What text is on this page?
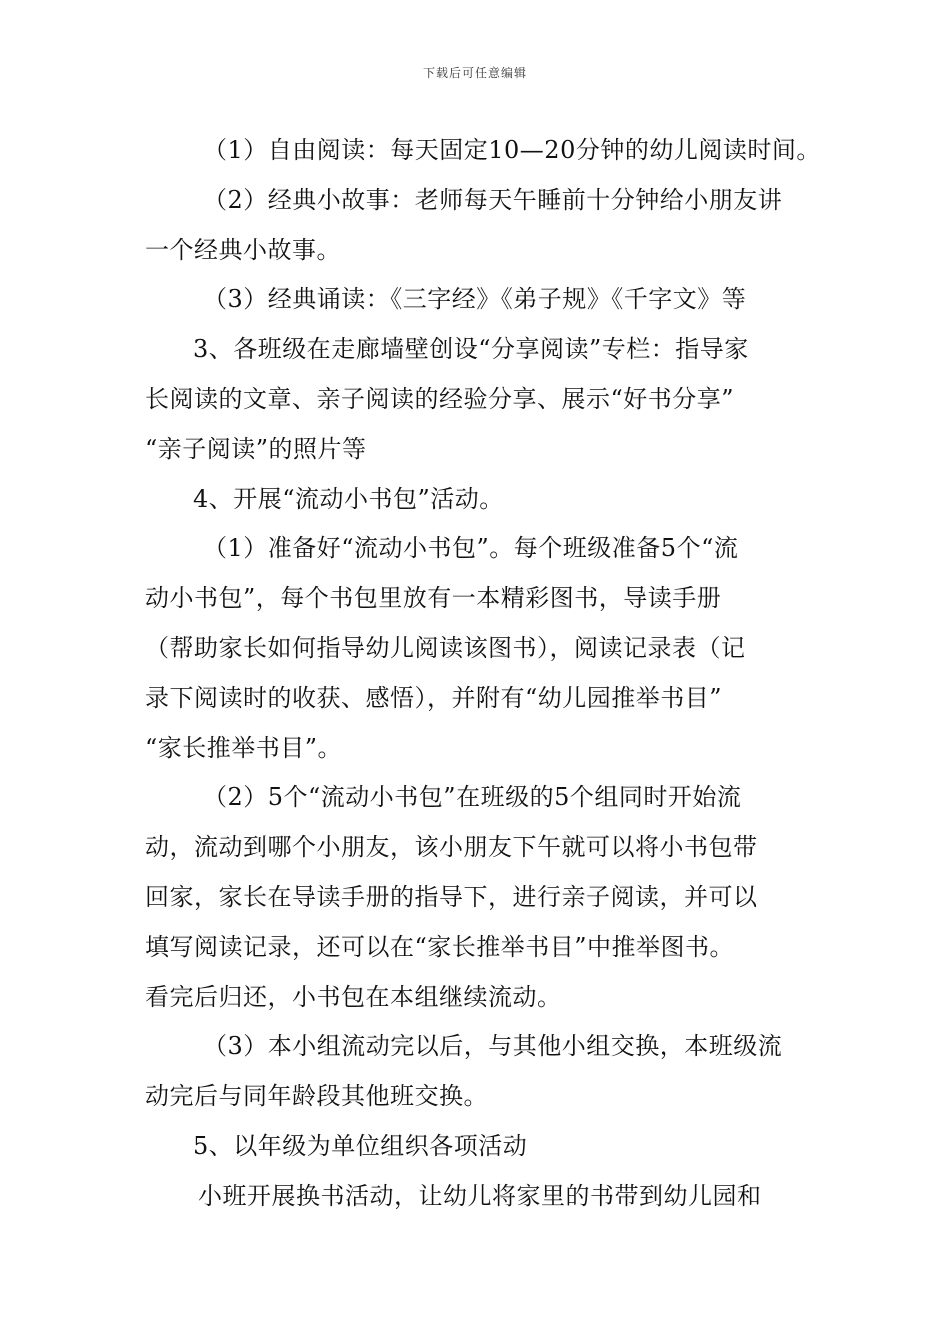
下载后可任意编辑
（1）自由阅读：每天固定10—20分钟的幼儿阅读时间。
（2）经典小故事：老师每天午睡前十分钟给小朋友讲
一个经典小故事。
（3）经典诵读：《三字经》《弟子规》《千字文》等
3、各班级在走廊墙壁创设“分享阅读”专栏：指导家
长阅读的文章、亲子阅读的经验分享、展示“好书分享”
“亲子阅读”的照片等
4、开展“流动小书包”活动。
（1）准备好“流动小书包”。每个班级准备5个“流
动小书包”，每个书包里放有一本精彩图书，导读手册
（帮助家长如何指导幼儿阅读该图书），阅读记录表（记
录下阅读时的收获、感悟），并附有“幼儿园推举书目”
“家长推举书目”。
（2）5个“流动小书包”在班级的5个组同时开始流
动，流动到哪个小朋友，该小朋友下午就可以将小书包带
回家，家长在导读手册的指导下，进行亲子阅读，并可以
填写阅读记录，还可以在“家长推举书目”中推举图书。
看完后归还，小书包在本组继续流动。
（3）本小组流动完以后，与其他小组交换，本班级流
动完后与同年龄段其他班交换。
5、以年级为单位组织各项活动
小班开展换书活动，让幼儿将家里的书带到幼儿园和
